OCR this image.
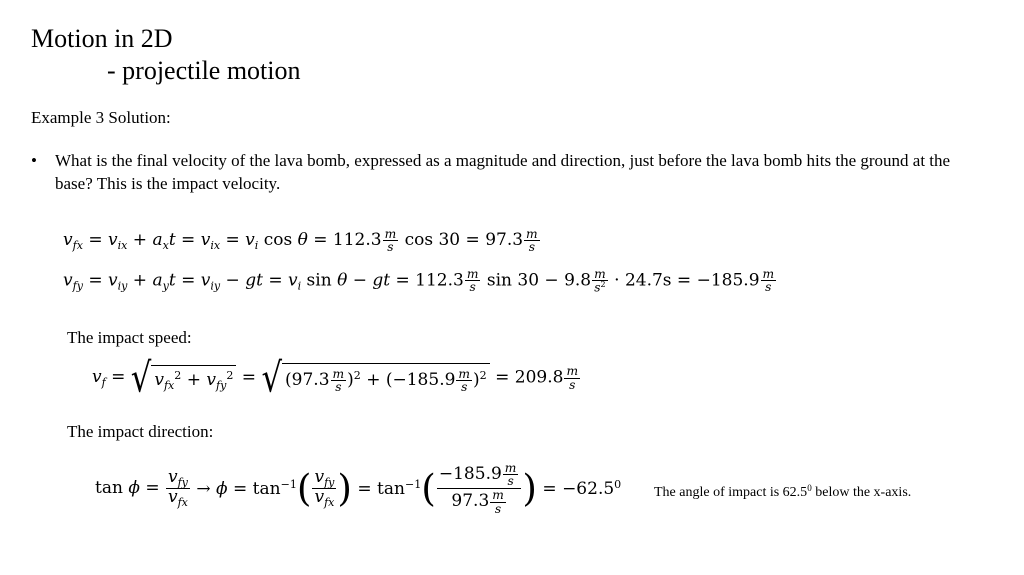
Motion in 2D
- projectile motion
Example 3 Solution:
• What is the final velocity of the lava bomb, expressed as a magnitude and direction, just before the lava bomb hits the ground at the base? This is the impact velocity.
$v_{fx} = v_{ix} + a_xt = v_{ix} = v_i$ $\cos \theta = 112.3 \frac{m}{s}$ $\cos 30 = 97.3 \frac{m}{s}$
$v_{fy} = v_{iy} + a_yt = v_{iy}$ − gt = $v_i$ sin θ − gt = $112.3 \frac{m}{s}$ $\sin 30 - 9.8 \frac{m}{s^2} \cdot 24.7s = -185.9 \frac{m}{s}$
The impact speed:
$v_f$ = √ $v_{fx}^2 + v_{fy}^2$ = √ $(97.3 \frac{m}{s} )^2 + (-185.9 \frac{m}{s} )^2 = 209.8 \frac{m}{s}$
The impact direction:
$\tan \phi = \frac{v_{fy}}{v_{fx}} \to \phi = \tan^{-1}( \frac{v_{fy}}{v_{fx}}$ ) = $\tan^{-1}( \frac{-185.9 \frac{m}{s}}{97.3 \frac{m}{s}}$ ) = $-62.5^0$
The angle of impact is 62.5$^0$ below the x-axis.
